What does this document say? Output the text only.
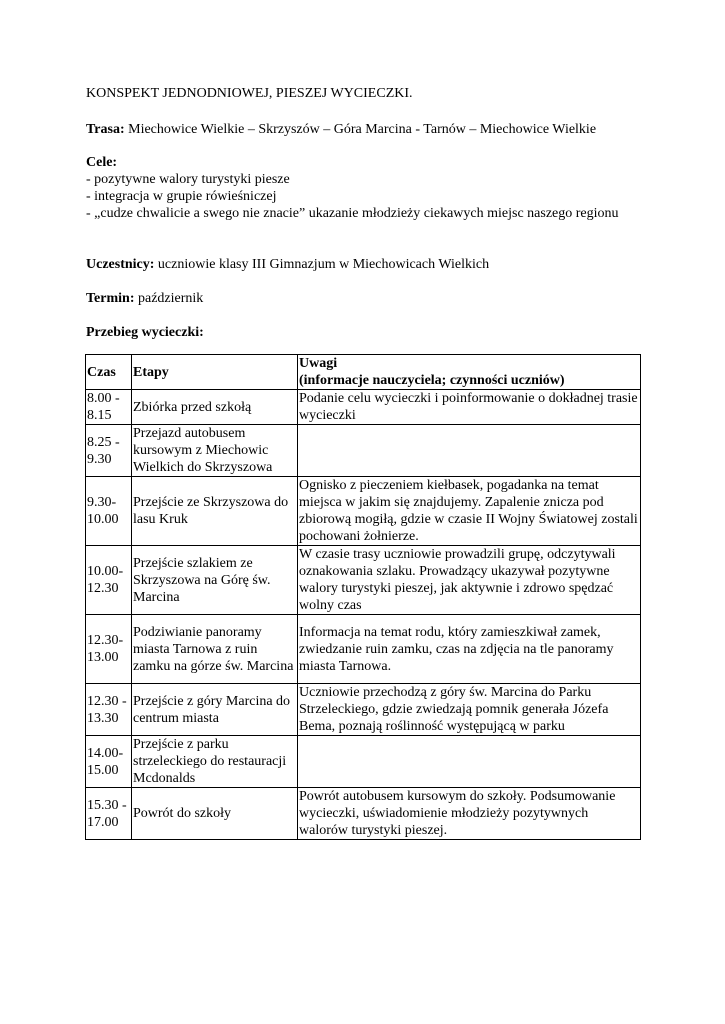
KONSPEKT JEDNODNIOWEJ, PIESZEJ WYCIECZKI.

Trasa: Miechowice Wielkie – Skrzyszów – Góra Marcina - Tarnów – Miechowice Wielkie

Cele:

- pozytywne walory turystyki piesze

- integracja w grupie rówieśniczej

- „cudze chwalicie a swego nie znacie” ukazanie młodzieży ciekawych miejsc naszego regionu

Uczestnicy: uczniowie klasy III Gimnazjum w Miechowicach Wielkich

Termin: październik

Przebieg wycieczki:

Czas	Etapy	Uwagi
(informacje nauczyciela; czynności uczniów)

8.00 - 8.15	Zbiórka przed szkołą	Podanie celu wycieczki i poinformowanie o dokładnej trasie wycieczki
8.25 - 9.30	Przejazd autobusem kursowym z Miechowic Wielkich do Skrzyszowa	
9.30- 10.00	Przejście ze Skrzyszowa do lasu Kruk	Ognisko z pieczeniem kiełbasek, pogadanka na temat miejsca w jakim się znajdujemy. Zapalenie znicza pod zbiorową mogiłą, gdzie w czasie II Wojny Światowej zostali pochowani żołnierze.
10.00- 12.30	Przejście szlakiem ze Skrzyszowa na Górę św. Marcina	W czasie trasy uczniowie prowadzili grupę, odczytywali oznakowania szlaku. Prowadzący ukazywał pozytywne walory turystyki pieszej, jak aktywnie i zdrowo spędzać wolny czas
12.30- 13.00	Podziwianie panoramy miasta Tarnowa z ruin zamku na górze św. Marcina	Informacja na temat rodu, który zamieszkiwał zamek, zwiedzanie ruin zamku, czas na zdjęcia na tle panoramy miasta Tarnowa.
12.30 - 13.30	Przejście z góry Marcina do centrum miasta	Uczniowie przechodzą z góry św. Marcina do Parku Strzeleckiego, gdzie zwiedzają pomnik generała Józefa Bema, poznają roślinność występującą w parku
14.00- 15.00	Przejście z parku strzeleckiego do restauracji Mcdonalds	
15.30 - 17.00	Powrót do szkoły	Powrót autobusem kursowym do szkoły. Podsumowanie wycieczki, uświadomienie młodzieży pozytywnych walorów turystyki pieszej.
